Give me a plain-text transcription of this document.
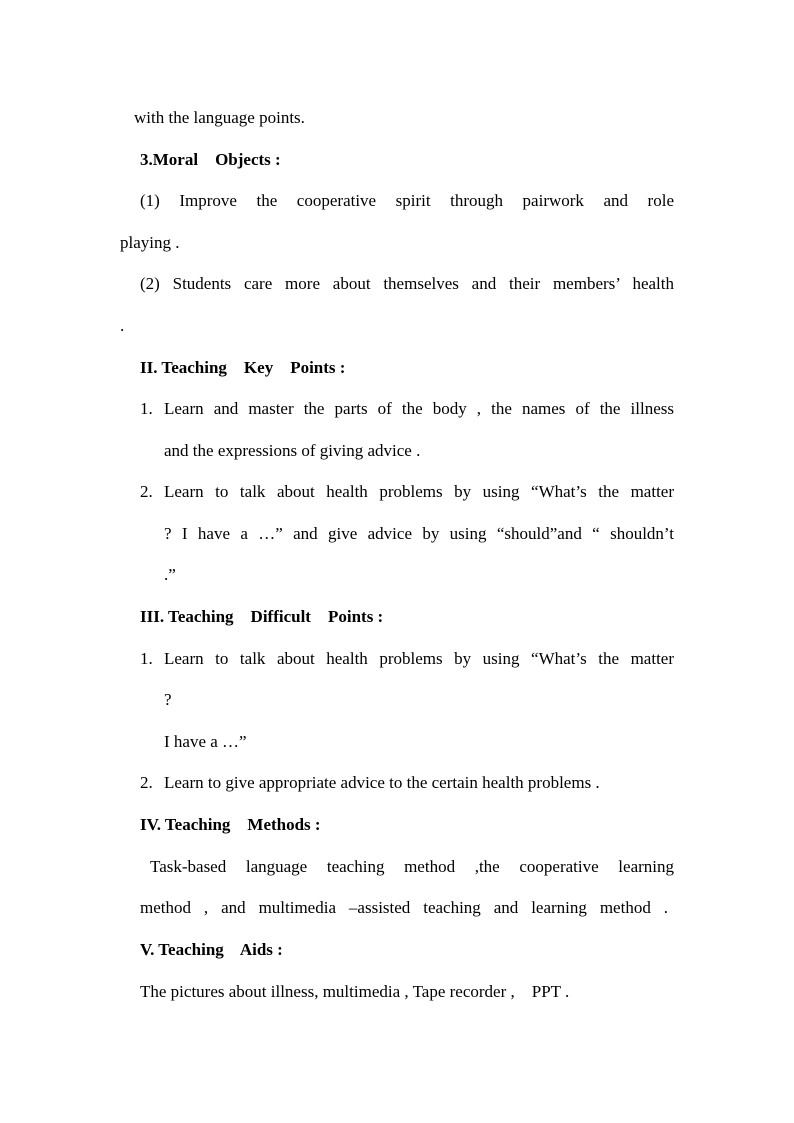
with the language points.
3.Moral    Objects :
(1) Improve the cooperative spirit through pairwork and role
playing .
(2) Students care more about themselves and their members’ health
.
II. Teaching    Key    Points :
1. Learn and master the parts of the body , the names of the illness
and the expressions of giving advice .
2. Learn to talk about health problems by using “What’s the matter
? I have a …” and give advice by using “should”and “ shouldn’t
.”
III. Teaching    Difficult    Points :
1. Learn to talk about health problems by using “What’s the matter
?
I have a …”
2. Learn to give appropriate advice to the certain health problems .
IV. Teaching    Methods :
Task-based language teaching method ,the cooperative learning
method , and multimedia –assisted teaching and learning method .
V. Teaching    Aids :
The pictures about illness, multimedia , Tape recorder ,    PPT .
